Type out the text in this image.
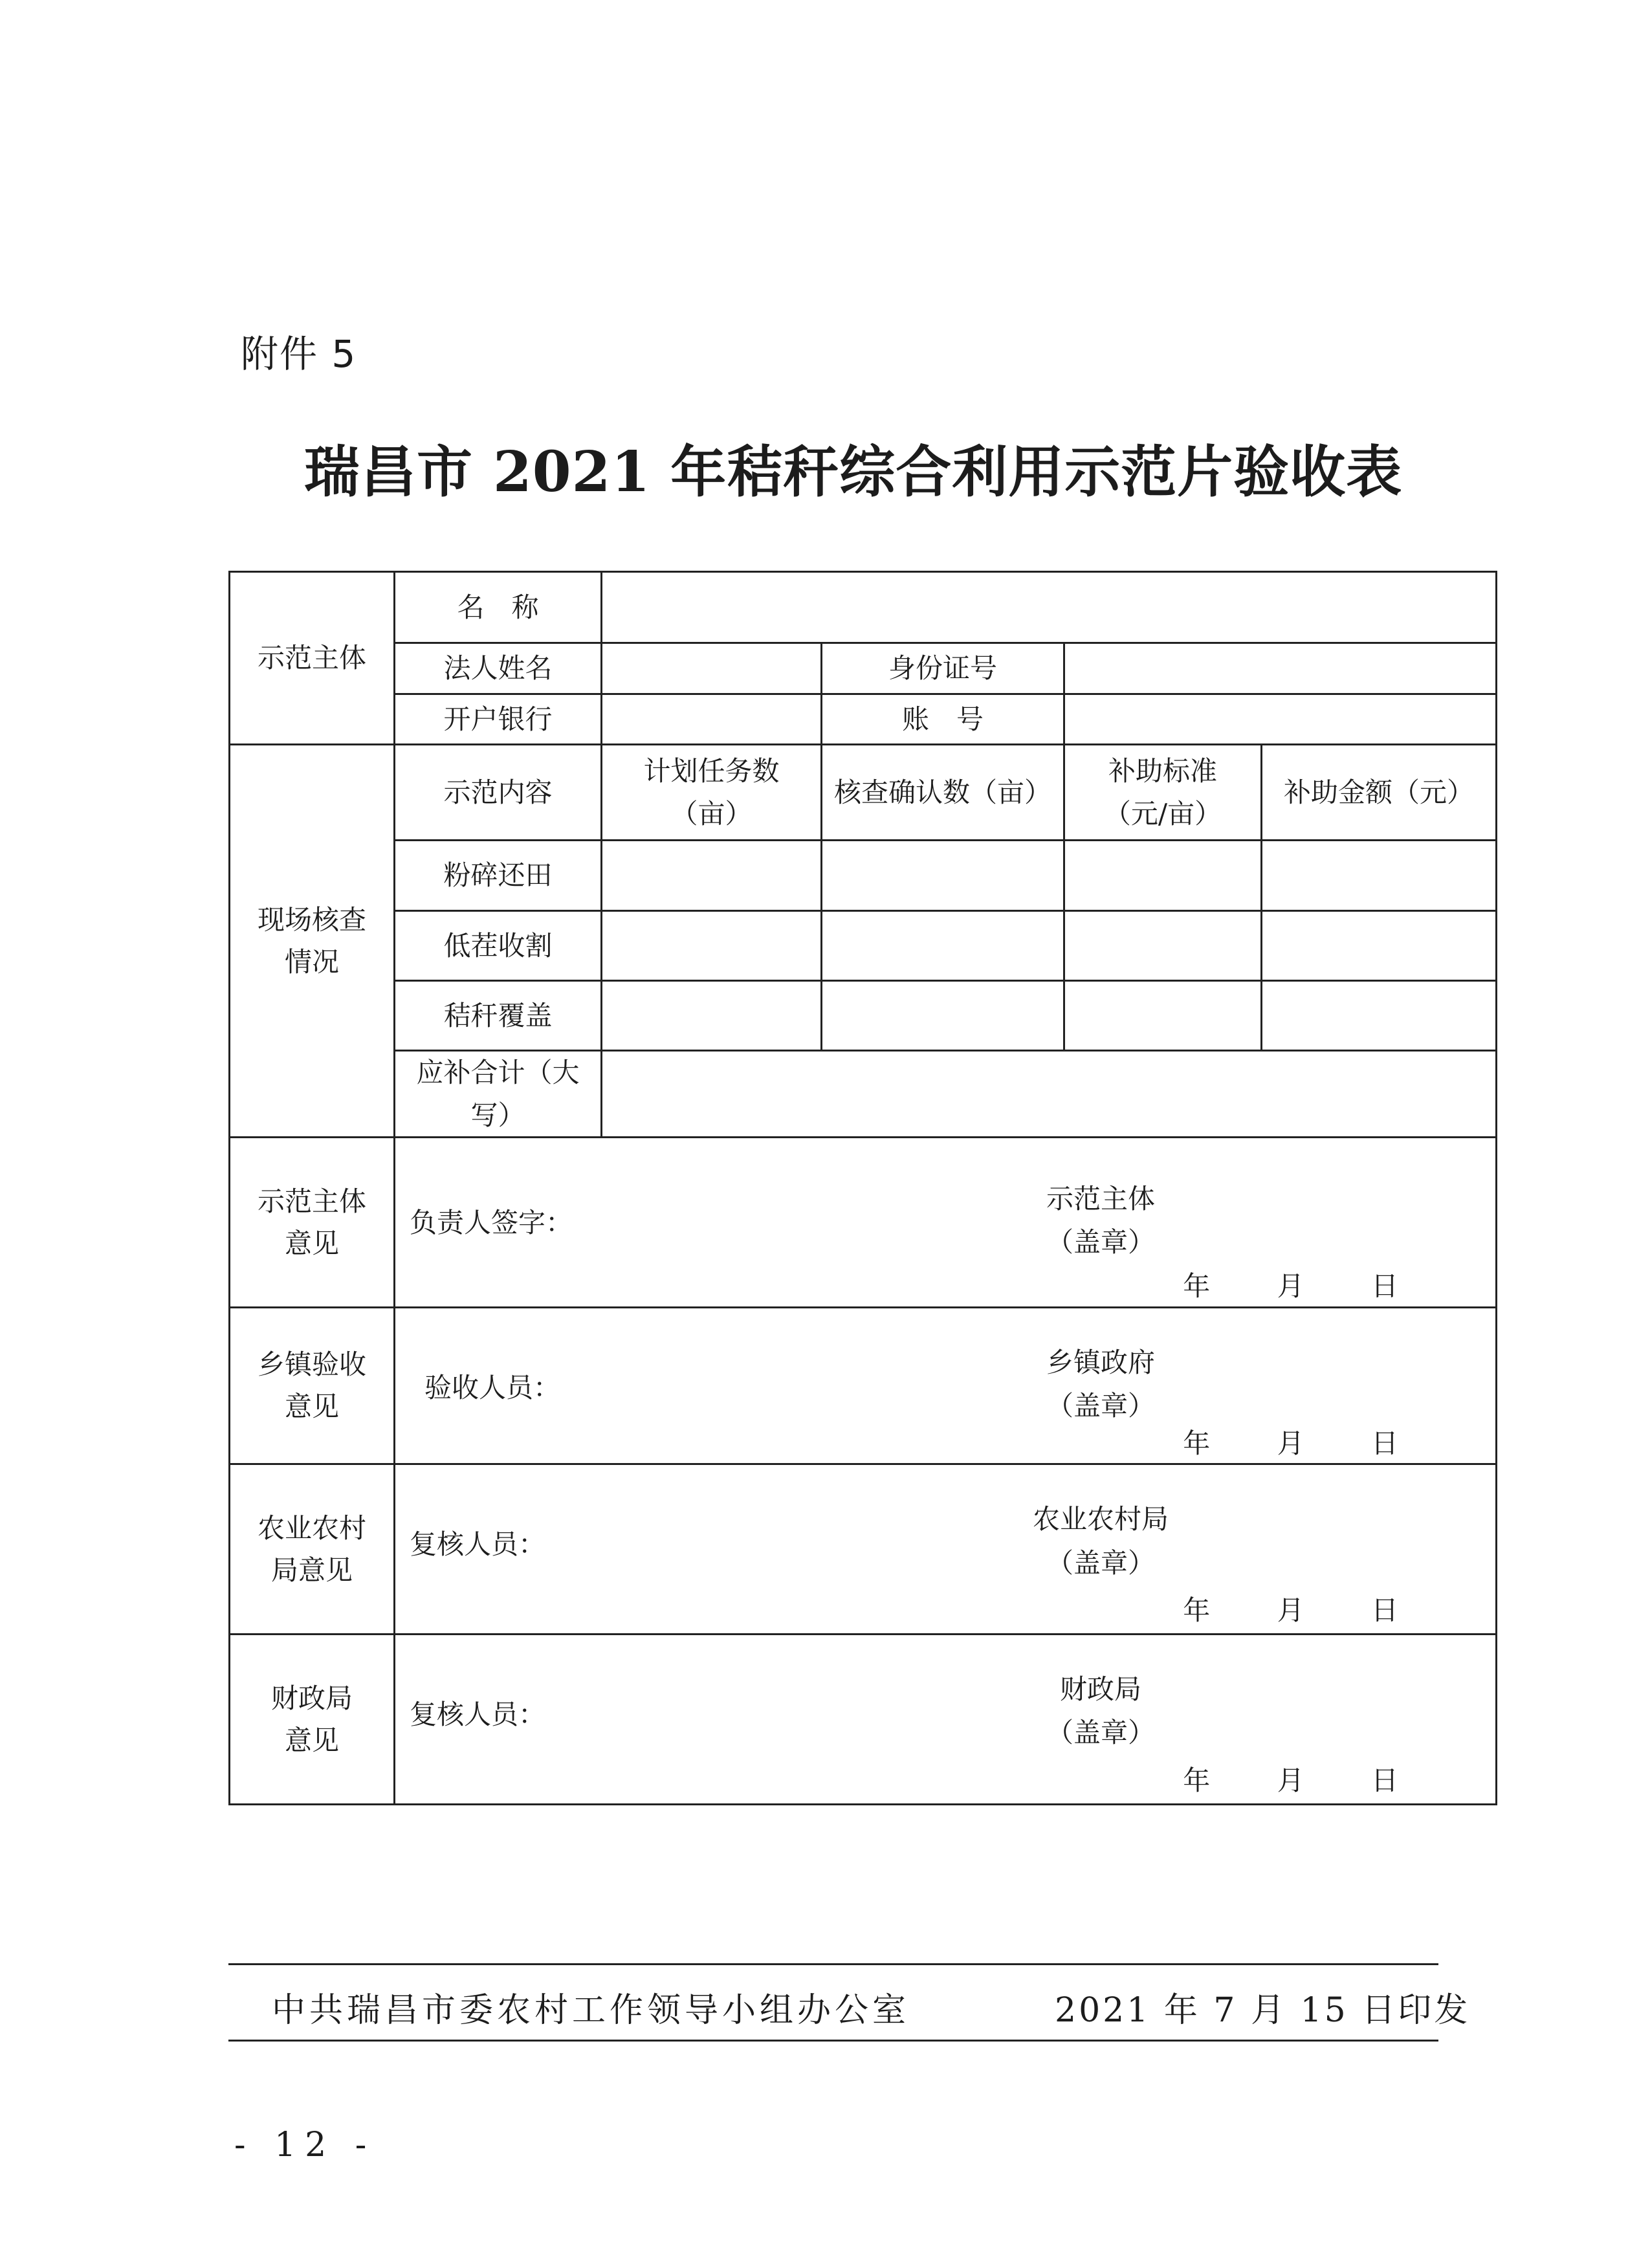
附件 5
瑞昌市 2021 年秸秆综合利用示范片验收表
示范主体	名　称				
	法人姓名		身份证号		
	开户银行		账　号		
现场核查情况	示范内容	计划任务数（亩）	核查确认数（亩）	补助标准（元/亩）	补助金额（元）
	粉碎还田				
	低茬收割				
	秸秆覆盖				
	应补合计（大写）				
示范主体意见	负责人签字：
示范主体
（盖章）
年 月 日				

乡镇验收意见	验收人员：
乡镇政府
（盖章）
年 月 日				

农业农村局意见	复核人员：
农业农村局
（盖章）
年 月 日				

财政局意见	复核人员：
财政局
（盖章）
年 月 日				
中共瑞昌市委农村工作领导小组办公室	2021 年 7 月 15 日印发
- 12 -
